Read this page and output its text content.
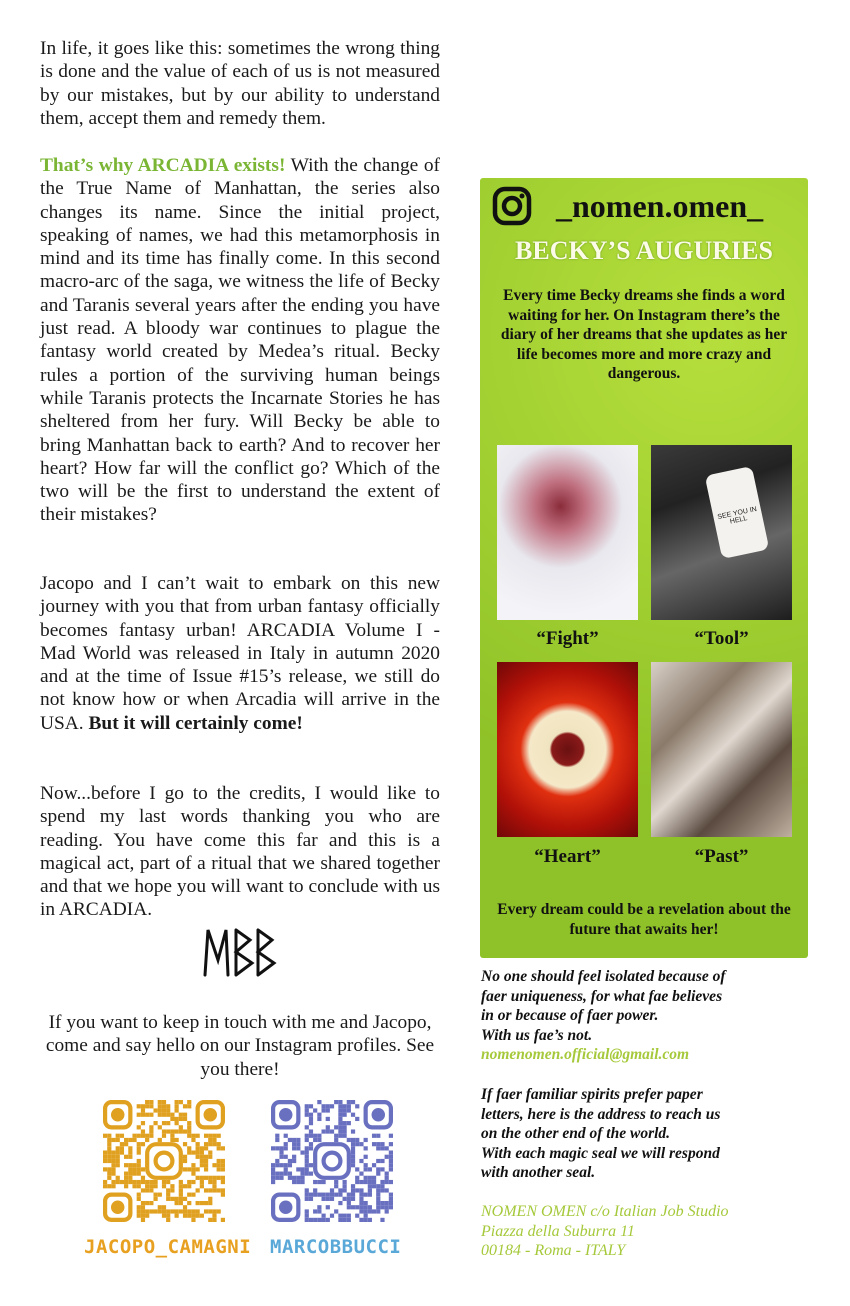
In life, it goes like this: sometimes the wrong thing is done and the value of each of us is not measured by our mistakes, but by our ability to understand them, accept them and remedy them.

That’s why ARCADIA exists! With the change of the True Name of Manhattan, the series also changes its name. Since the initial project, speaking of names, we had this metamorphosis in mind and its time has finally come. In this second macro-arc of the saga, we witness the life of Becky and Taranis several years after the ending you have just read. A bloody war continues to plague the fantasy world created by Medea’s ritual. Becky rules a portion of the surviving human beings while Taranis protects the Incarnate Stories he has sheltered from her fury. Will Becky be able to bring Manhattan back to earth? And to recover her heart? How far will the conflict go? Which of the two will be the first to understand the extent of their mistakes?

Jacopo and I can’t wait to embark on this new journey with you that from urban fantasy officially becomes fantasy urban! ARCADIA Volume I - Mad World was released in Italy in autumn 2020 and at the time of Issue #15’s release, we still do not know how or when Arcadia will arrive in the USA. But it will certainly come!

Now...before I go to the credits, I would like to spend my last words thanking you who are reading. You have come this far and this is a magical act, part of a ritual that we shared together and that we hope you will want to conclude with us in ARCADIA.

If you want to keep in touch with me and Jacopo, come and say hello on our Instagram profiles. See you there!
JACOPO_CAMAGNI MARCOBBUCCI
_nomen.omen_
BECKY’S AUGURIES
Every time Becky dreams she finds a word waiting for her. On Instagram there’s the diary of her dreams that she updates as her life becomes more and more crazy and dangerous.
SEE YOU IN HELL
“Fight”	“Tool”
“Heart”	“Past”
Every dream could be a revelation about the future that awaits her!
No one should feel isolated because of
faer uniqueness, for what fae believes
in or because of faer power.
With us fae’s not.
nomenomen.official@gmail.com
If faer familiar spirits prefer paper
letters, here is the address to reach us
on the other end of the world.
With each magic seal we will respond
with another seal.
NOMEN OMEN c/o Italian Job Studio
Piazza della Suburra 11
00184 - Roma - ITALY
